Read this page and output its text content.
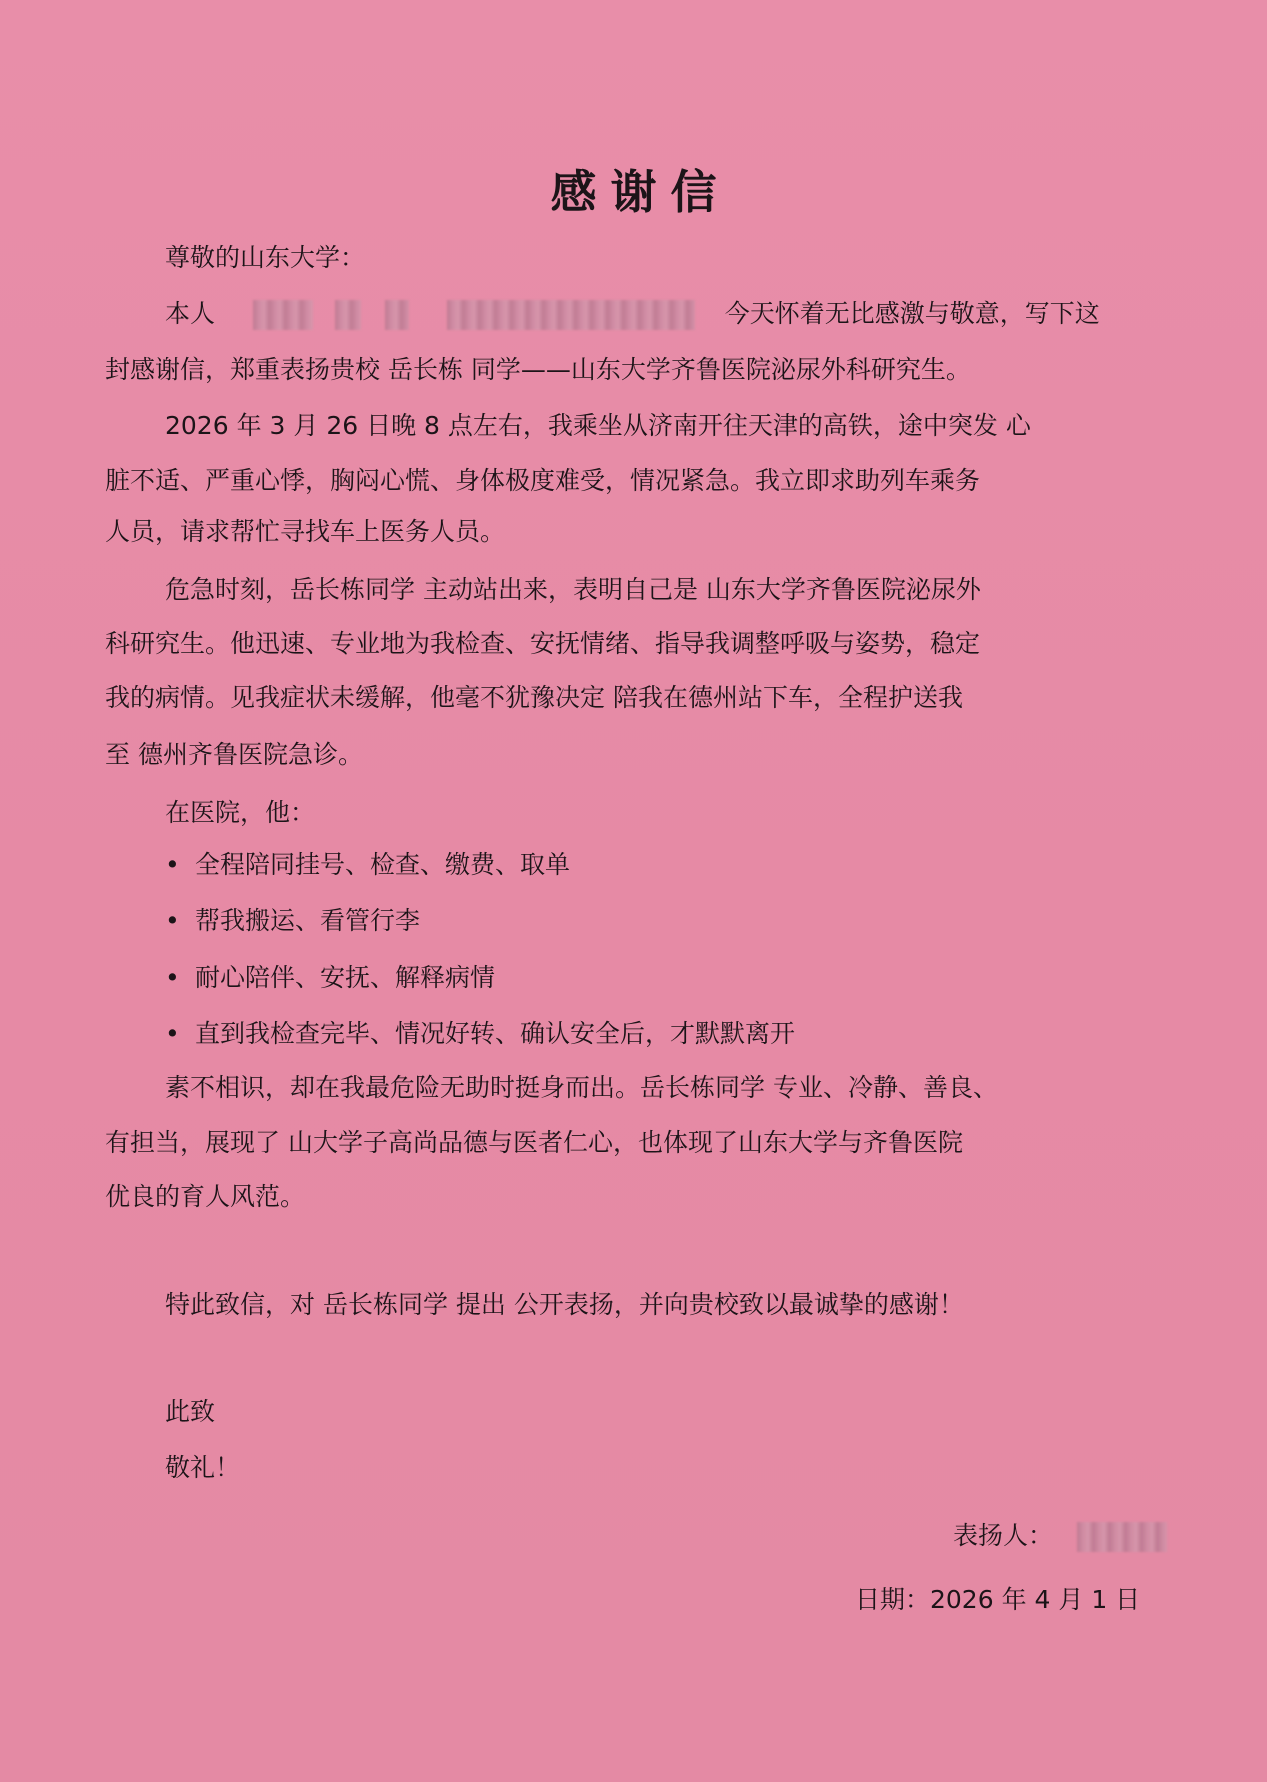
感谢信
尊敬的山东大学：
本人	今天怀着无比感激与敬意，写下这
封感谢信，郑重表扬贵校 岳长栋 同学——山东大学齐鲁医院泌尿外科研究生。
2026 年 3 月 26 日晚 8 点左右，我乘坐从济南开往天津的高铁，途中突发 心
脏不适、严重心悸，胸闷心慌、身体极度难受，情况紧急。我立即求助列车乘务
人员，请求帮忙寻找车上医务人员。
危急时刻，岳长栋同学 主动站出来，表明自己是 山东大学齐鲁医院泌尿外
科研究生。他迅速、专业地为我检查、安抚情绪、指导我调整呼吸与姿势，稳定
我的病情。见我症状未缓解，他毫不犹豫决定 陪我在德州站下车，全程护送我
至 德州齐鲁医院急诊。
在医院，他：
• 全程陪同挂号、检查、缴费、取单
• 帮我搬运、看管行李
• 耐心陪伴、安抚、解释病情
• 直到我检查完毕、情况好转、确认安全后，才默默离开
素不相识，却在我最危险无助时挺身而出。岳长栋同学 专业、冷静、善良、
有担当，展现了 山大学子高尚品德与医者仁心，也体现了山东大学与齐鲁医院
优良的育人风范。
特此致信，对 岳长栋同学 提出 公开表扬，并向贵校致以最诚挚的感谢！
此致
敬礼！
表扬人：
日期：2026 年 4 月 1 日
